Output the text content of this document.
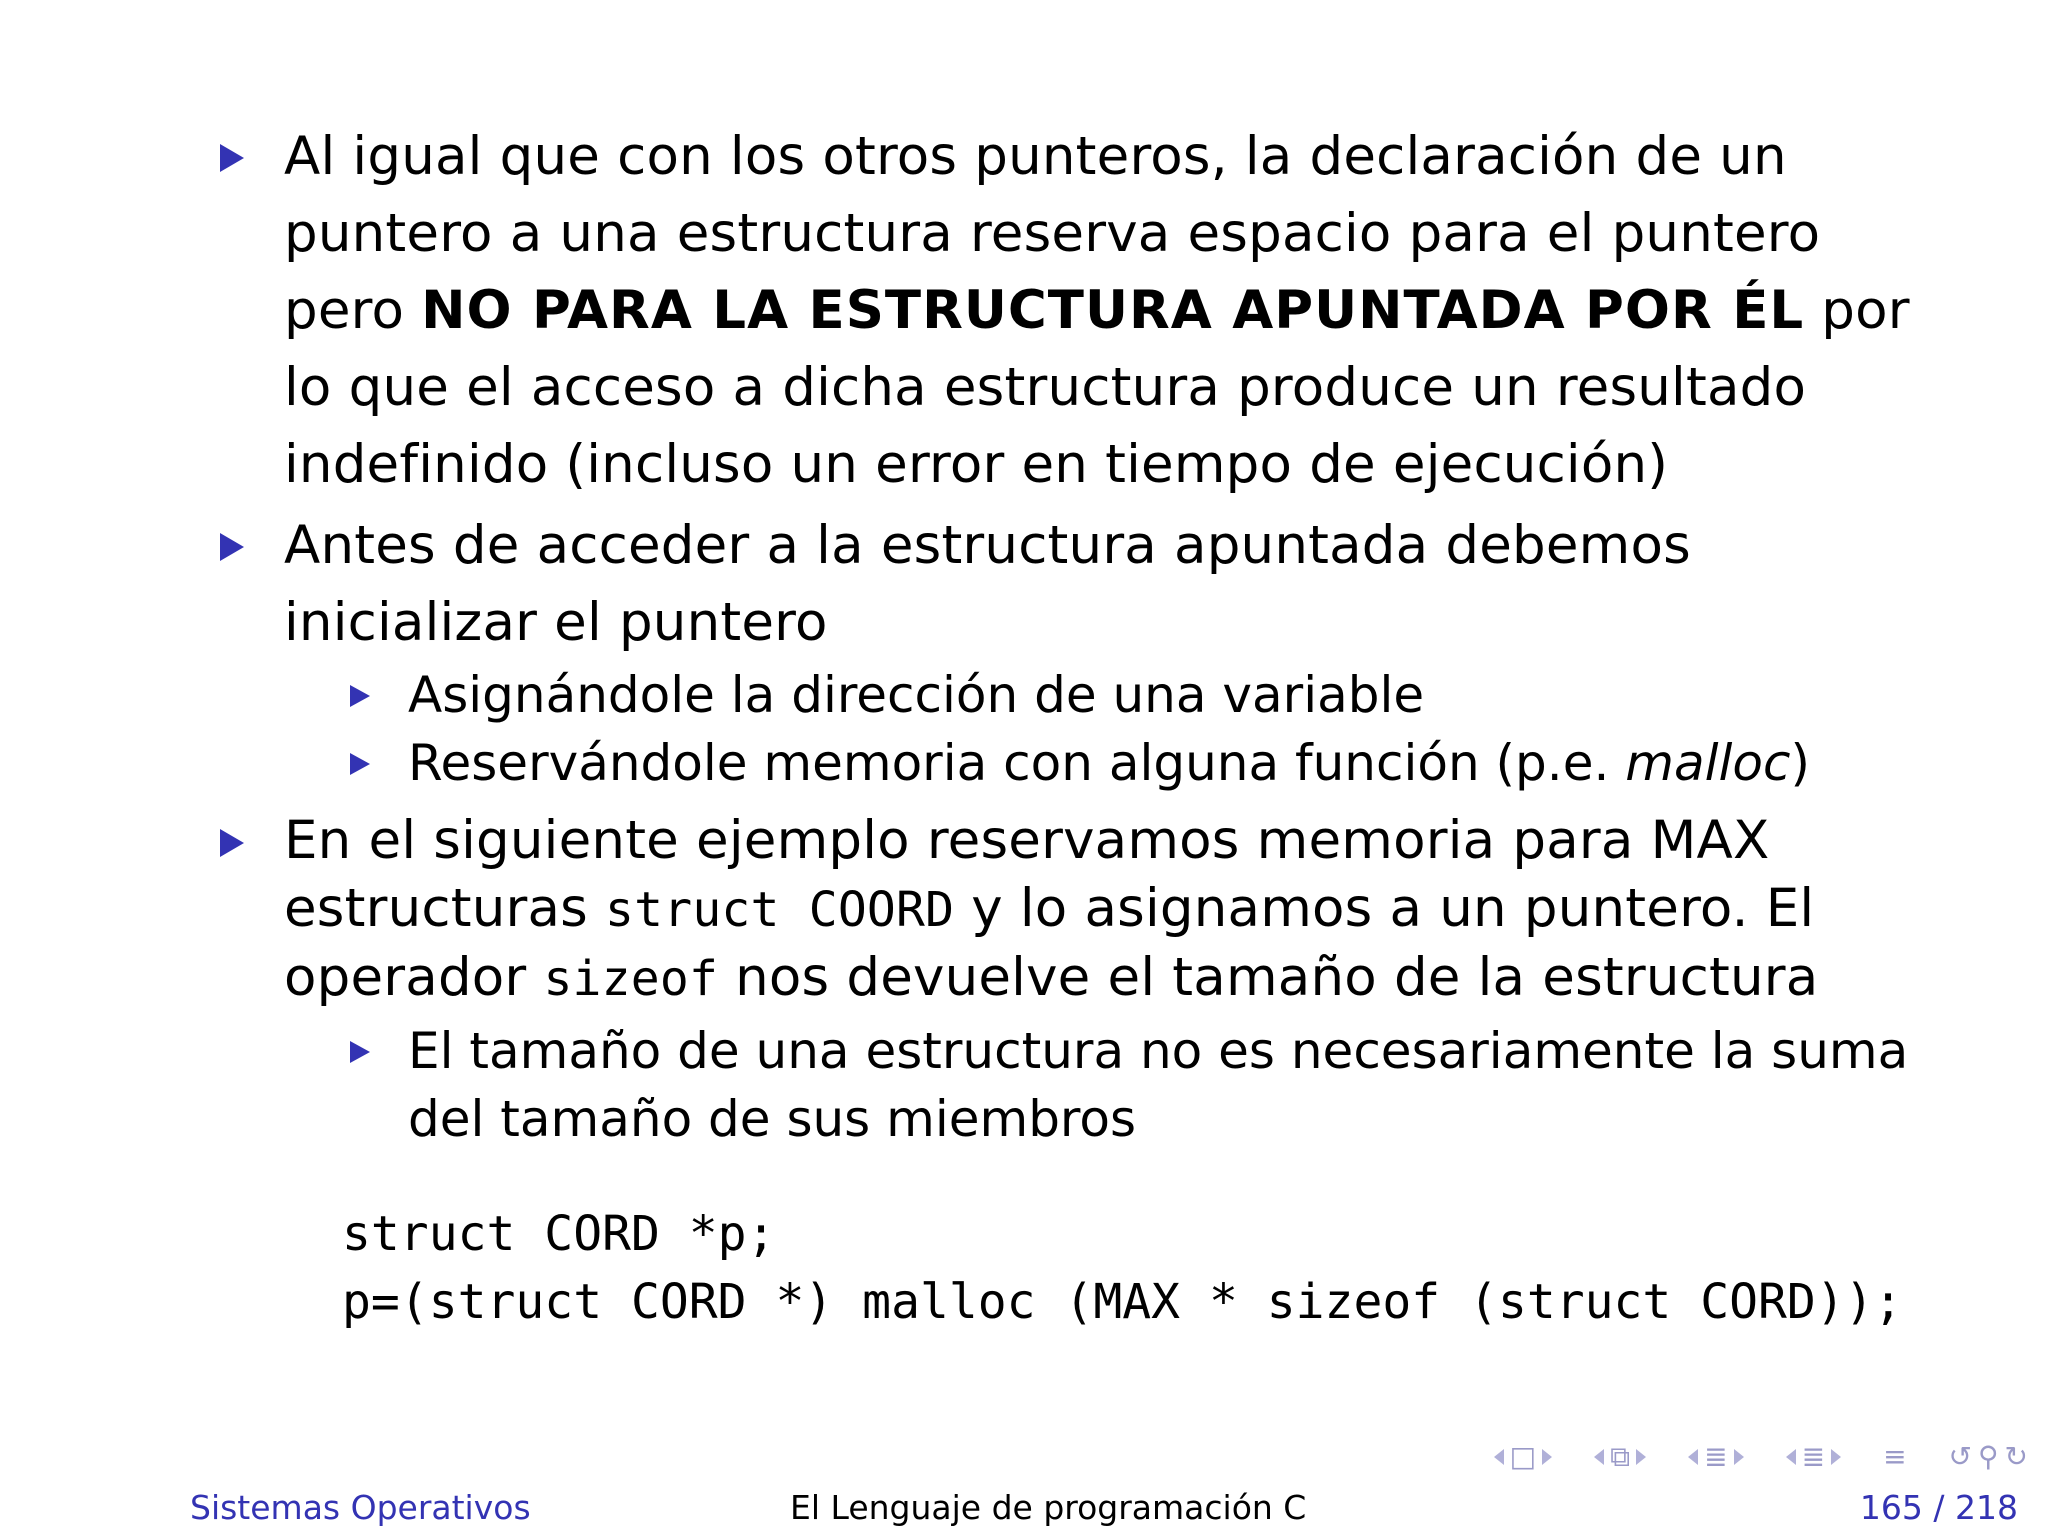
Al igual que con los otros punteros, la declaración de un puntero a una estructura reserva espacio para el puntero pero NO PARA LA ESTRUCTURA APUNTADA POR ÉL por lo que el acceso a dicha estructura produce un resultado indefinido (incluso un error en tiempo de ejecución)
Antes de acceder a la estructura apuntada debemos inicializar el puntero
Asignándole la dirección de una variable
Reservándole memoria con alguna función (p.e. malloc)
En el siguiente ejemplo reservamos memoria para MAX estructuras struct COORD y lo asignamos a un puntero. El operador sizeof nos devuelve el tamaño de la estructura
El tamaño de una estructura no es necesariamente la suma del tamaño de sus miembros
struct CORD *p;
p=(struct CORD *) malloc (MAX * sizeof (struct CORD));
□	⧉	≣	≣ ≡ ↺ ⚲ ↻
Sistemas Operativos	El Lenguaje de programación C	165 / 218
